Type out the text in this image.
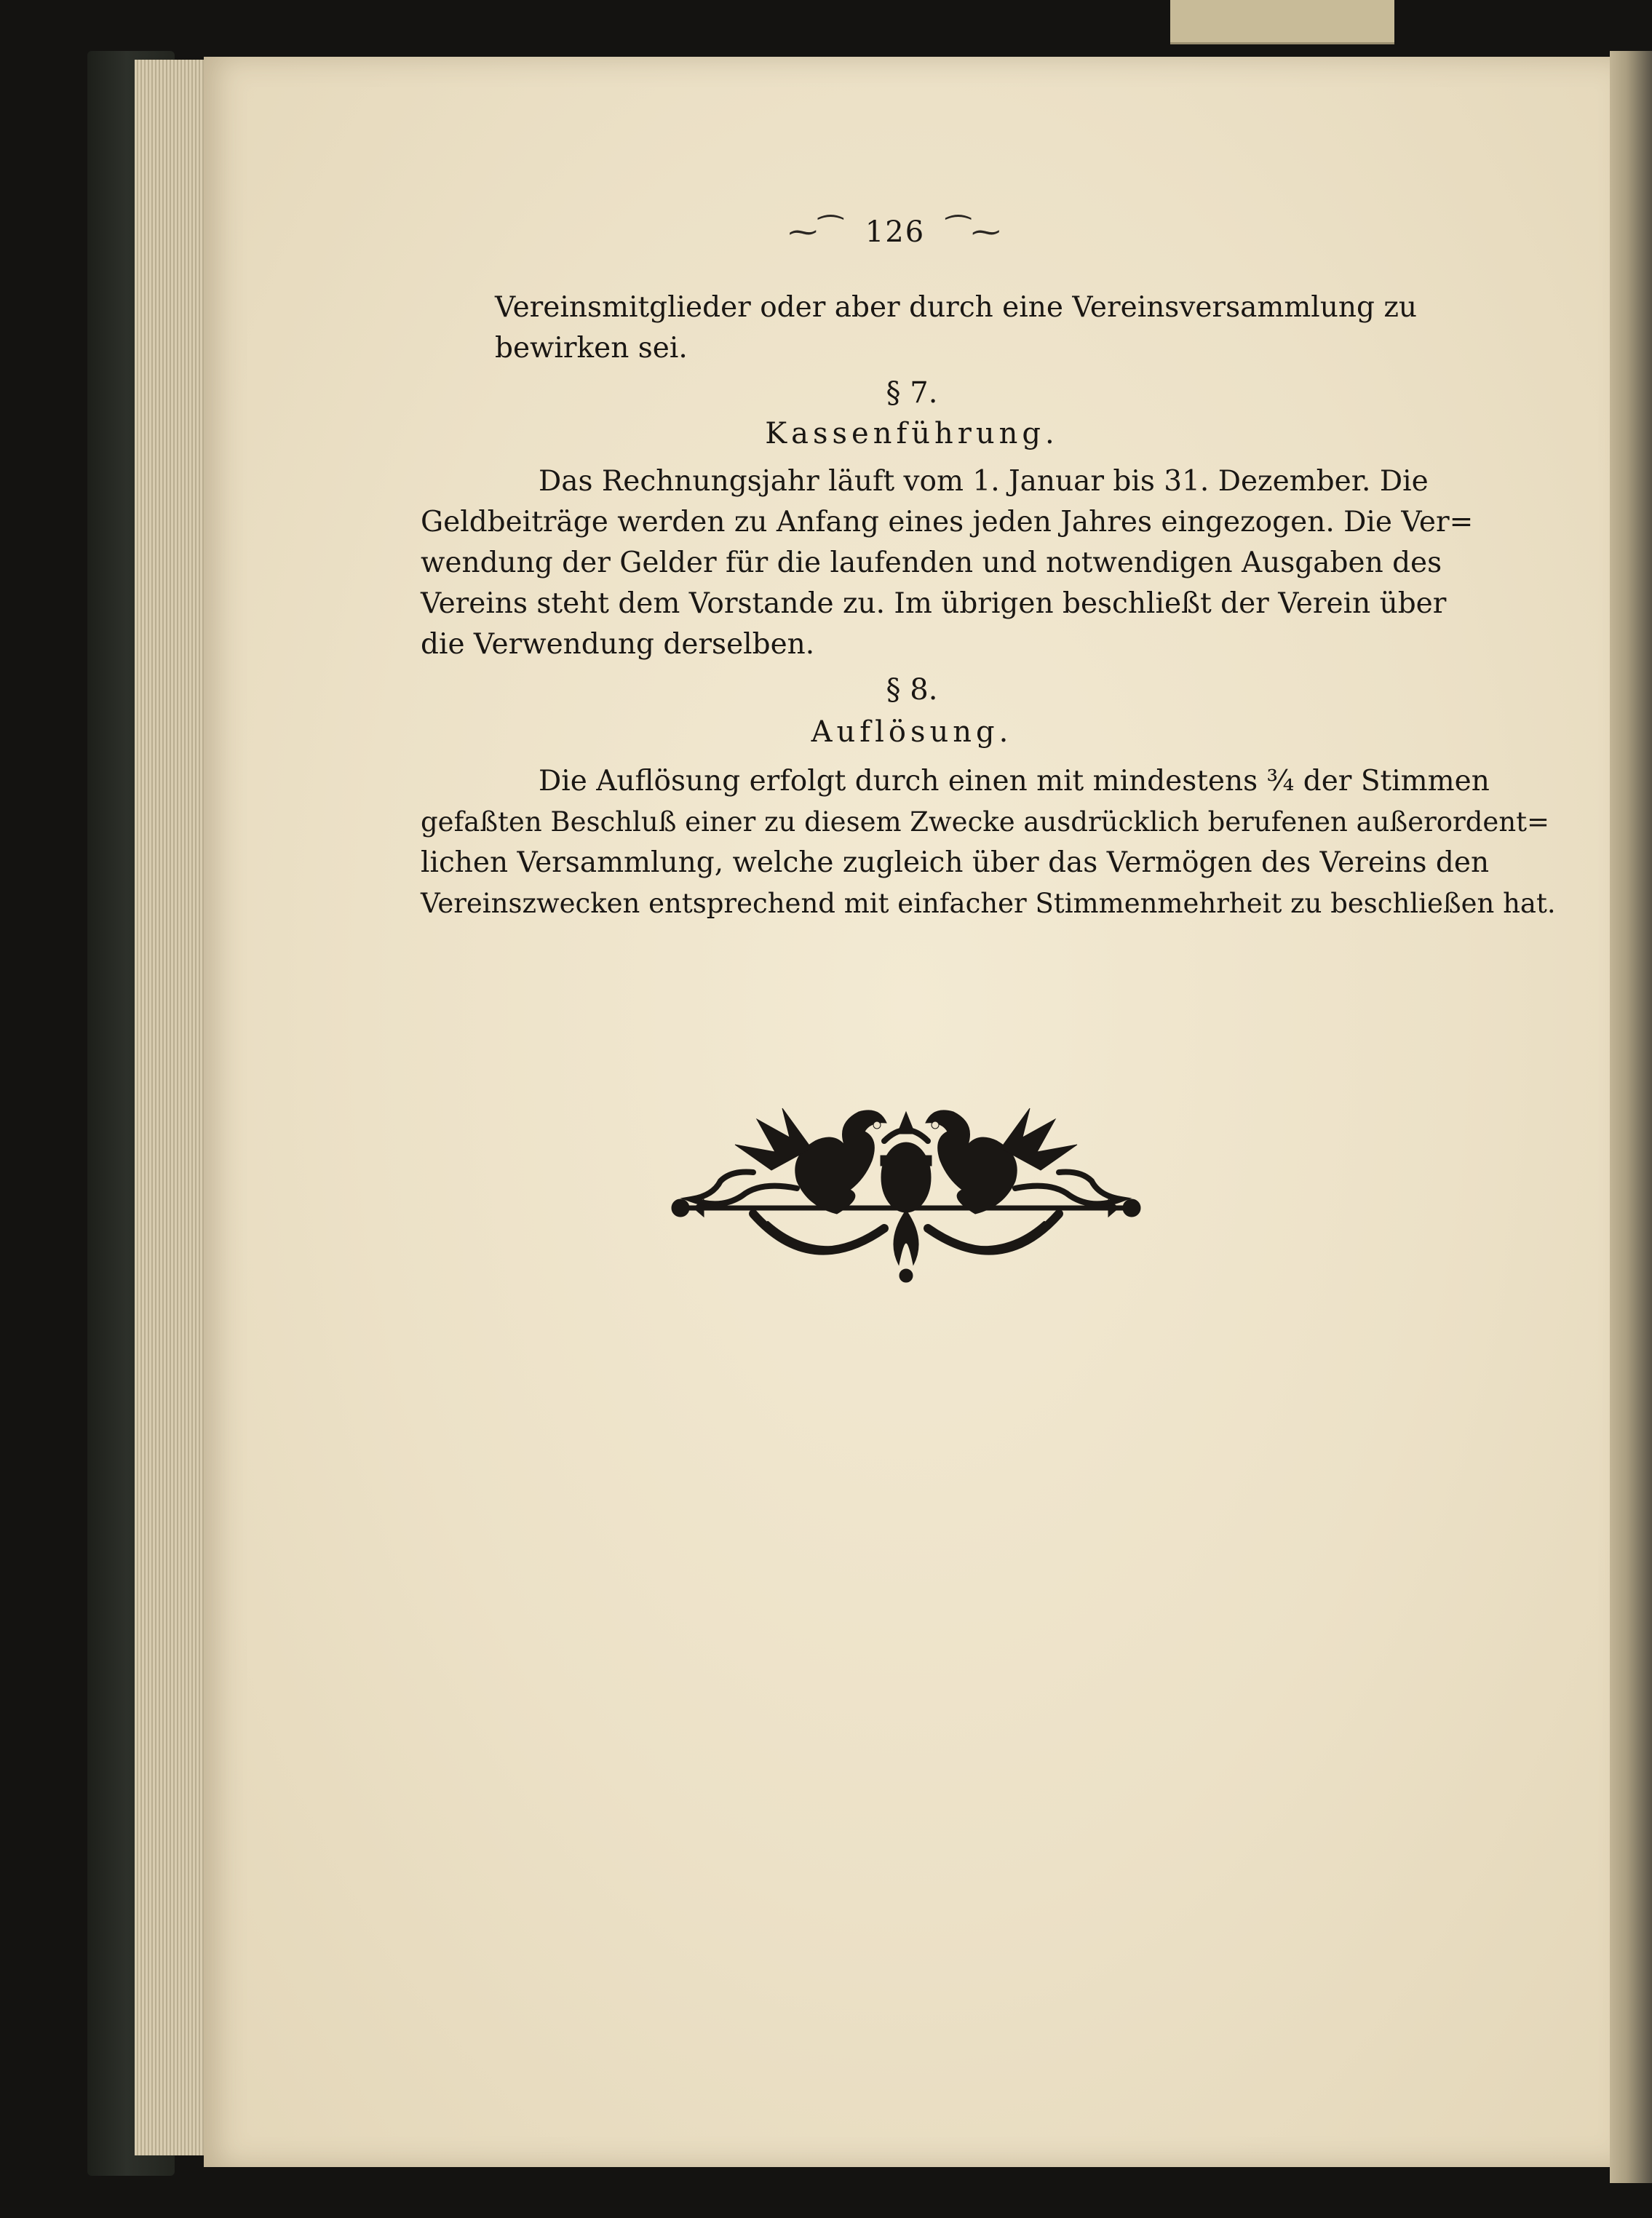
⁓⁀ 126 ⁀⁓
Vereinsmitglieder oder aber durch eine Vereinsversammlung zu
bewirken sei.
§ 7.
Kassenführung.
Das Rechnungsjahr läuft vom 1. Januar bis 31. Dezember. Die
Geldbeiträge werden zu Anfang eines jeden Jahres eingezogen. Die Ver=
wendung der Gelder für die laufenden und notwendigen Ausgaben des
Vereins steht dem Vorstande zu. Im übrigen beschließt der Verein über
die Verwendung derselben.
§ 8.
Auflösung.
Die Auflösung erfolgt durch einen mit mindestens ¾ der Stimmen
gefaßten Beschluß einer zu diesem Zwecke ausdrücklich berufenen außerordent=
lichen Versammlung, welche zugleich über das Vermögen des Vereins den
Vereinszwecken entsprechend mit einfacher Stimmenmehrheit zu beschließen hat.
